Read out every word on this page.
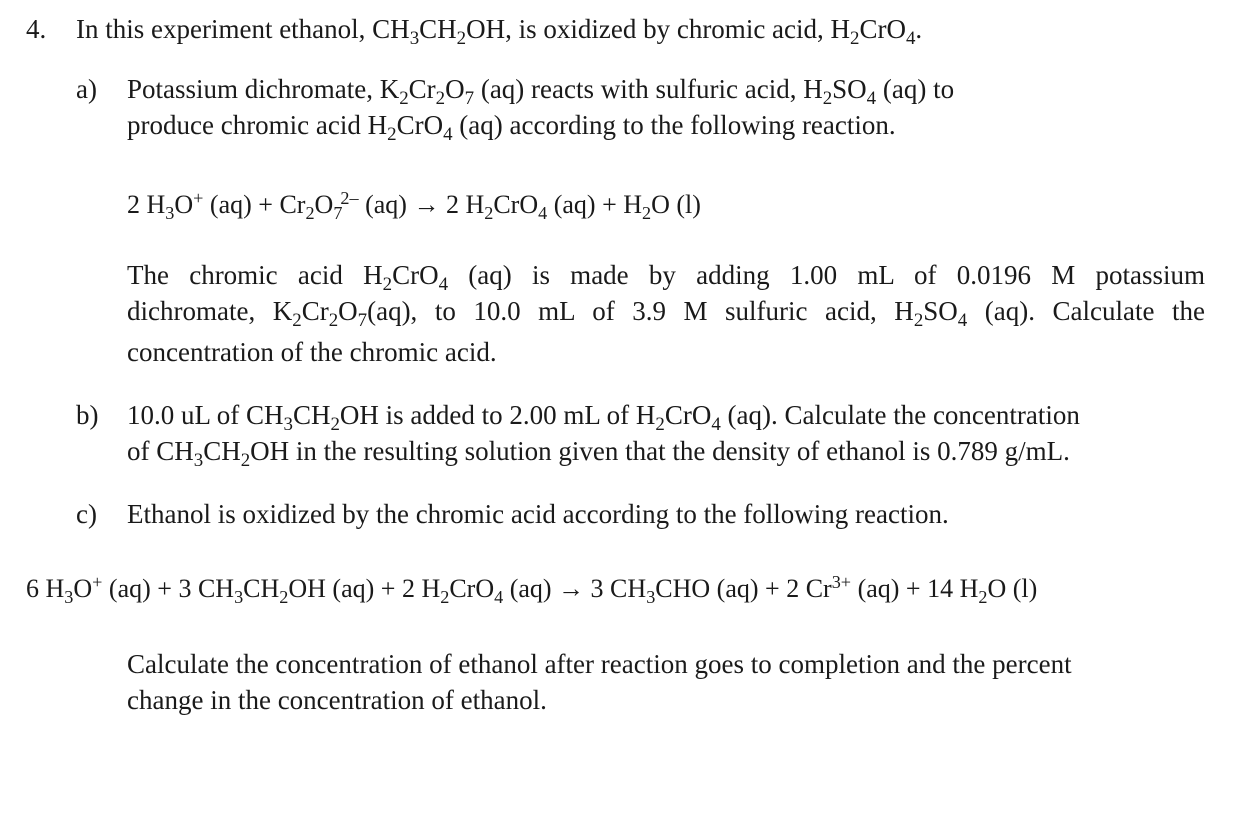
4. In this experiment ethanol, $CH_3CH_2OH$, is oxidized by chromic acid, $H_2CrO_4$.
a) Potassium dichromate, $K_2Cr_2O_7$ (aq) reacts with sulfuric acid, $H_2SO_4$ (aq) to
produce chromic acid $H_2CrO_4$ (aq) according to the following reaction.
2 $H_3O^+$ $(aq) + Cr_2O_7^{2-}$ (aq) → 2 $H_2CrO_4$ $(aq) + H_2O$ (l)
The chromic acid $H_2CrO_4$ (aq) is made by adding 1.00 mL of 0.0196 M potassium
dichromate, $K_2Cr_2O_7(aq)$, to 10.0 mL of 3.9 M sulfuric acid, $H_2SO_4$ (aq). Calculate the
concentration of the chromic acid.
b) 10.0 uL of $CH_3CH_2OH$ is added to 2.00 mL of $H_2CrO_4$ (aq). Calculate the concentration
of $CH_3CH_2OH$ in the resulting solution given that the density of ethanol is 0.789 g/mL.
c) Ethanol is oxidized by the chromic acid according to the following reaction.
6 $H_3O^+$ (aq) + 3 $CH_3CH_2OH$ (aq) + 2 $H_2CrO_4$ (aq) → 3 $CH_3CHO$ (aq) + 2 $Cr^{3+}$ (aq) + 14 $H_2O$ (l)
Calculate the concentration of ethanol after reaction goes to completion and the percent
change in the concentration of ethanol.
